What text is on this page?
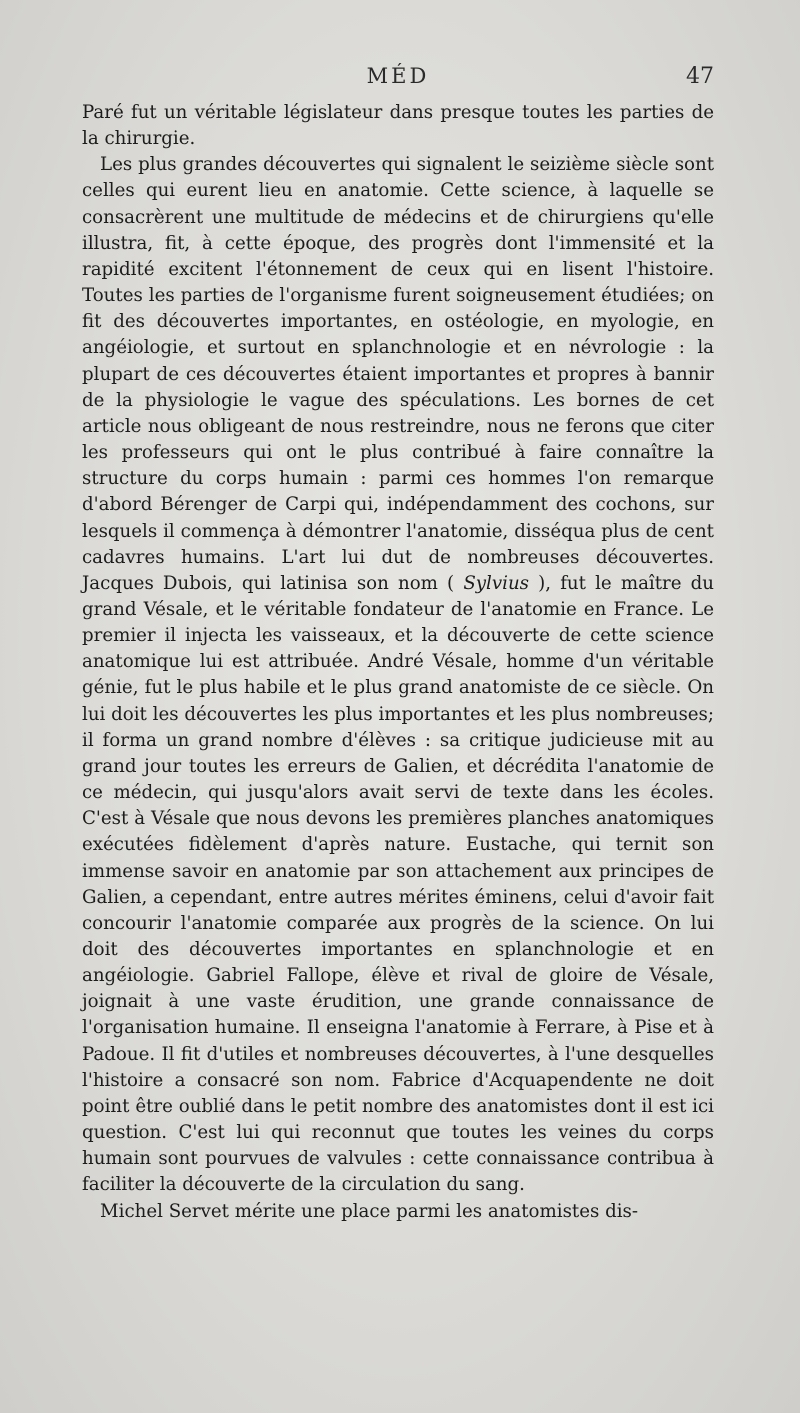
MÉD	47

Paré fut un véritable législateur dans presque toutes les parties de la chirurgie.

Les plus grandes découvertes qui signalent le seizième siècle sont celles qui eurent lieu en anatomie. Cette science, à laquelle se consacrèrent une multitude de médecins et de chirurgiens qu'elle illustra, fit, à cette époque, des progrès dont l'immensité et la rapidité excitent l'étonnement de ceux qui en lisent l'histoire. Toutes les parties de l'organisme furent soigneusement étudiées; on fit des découvertes importantes, en ostéologie, en myologie, en angéiologie, et surtout en splanchnologie et en névrologie : la plupart de ces découvertes étaient importantes et propres à bannir de la physiologie le vague des spéculations. Les bornes de cet article nous obligeant de nous restreindre, nous ne ferons que citer les professeurs qui ont le plus contribué à faire connaître la structure du corps humain : parmi ces hommes l'on remarque d'abord Bérenger de Carpi qui, indépendamment des cochons, sur lesquels il commença à démontrer l'anatomie, disséqua plus de cent cadavres humains. L'art lui dut de nombreuses découvertes. Jacques Dubois, qui latinisa son nom ( Sylvius ), fut le maître du grand Vésale, et le véritable fondateur de l'anatomie en France. Le premier il injecta les vaisseaux, et la découverte de cette science anatomique lui est attribuée. André Vésale, homme d'un véritable génie, fut le plus habile et le plus grand anatomiste de ce siècle. On lui doit les découvertes les plus importantes et les plus nombreuses; il forma un grand nombre d'élèves : sa critique judicieuse mit au grand jour toutes les erreurs de Galien, et décrédita l'anatomie de ce médecin, qui jusqu'alors avait servi de texte dans les écoles. C'est à Vésale que nous devons les premières planches anatomiques exécutées fidèlement d'après nature. Eustache, qui ternit son immense savoir en anatomie par son attachement aux principes de Galien, a cependant, entre autres mérites éminens, celui d'avoir fait concourir l'anatomie comparée aux progrès de la science. On lui doit des découvertes importantes en splanchnologie et en angéiologie. Gabriel Fallope, élève et rival de gloire de Vésale, joignait à une vaste érudition, une grande connaissance de l'organisation humaine. Il enseigna l'anatomie à Ferrare, à Pise et à Padoue. Il fit d'utiles et nombreuses découvertes, à l'une desquelles l'histoire a consacré son nom. Fabrice d'Acquapendente ne doit point être oublié dans le petit nombre des anatomistes dont il est ici question. C'est lui qui reconnut que toutes les veines du corps humain sont pourvues de valvules : cette connaissance contribua à faciliter la découverte de la circulation du sang.

Michel Servet mérite une place parmi les anatomistes dis-
